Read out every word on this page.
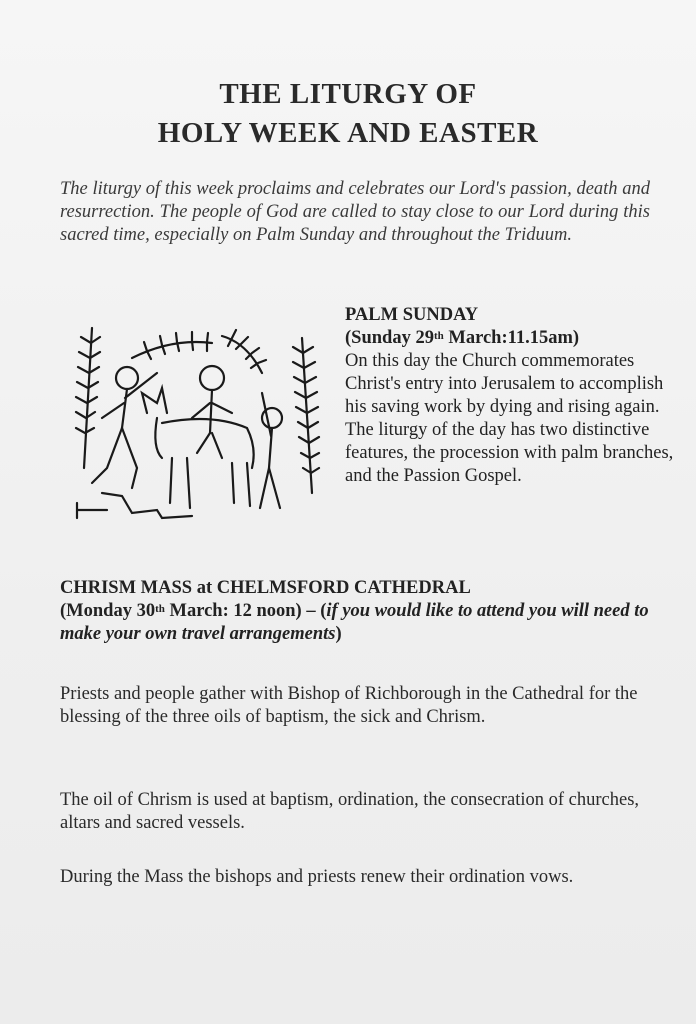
THE LITURGY OF
HOLY WEEK AND EASTER
The liturgy of this week proclaims and celebrates our Lord's passion, death and resurrection. The people of God are called to stay close to our Lord during this sacred time, especially on Palm Sunday and throughout the Triduum.
PALM SUNDAY
(Sunday 29th March:11.15am)
On this day the Church commemorates Christ's entry into Jerusalem to accomplish his saving work by dying and rising again. The liturgy of the day has two distinctive features, the procession with palm branches, and the Passion Gospel.
CHRISM MASS at CHELMSFORD CATHEDRAL
(Monday 30th March: 12 noon) – (if you would like to attend you will need to make your own travel arrangements)
Priests and people gather with Bishop of Richborough in the Cathedral for the blessing of the three oils of baptism, the sick and Chrism.
The oil of Chrism is used at baptism, ordination, the consecration of churches, altars and sacred vessels.
During the Mass the bishops and priests renew their ordination vows.
